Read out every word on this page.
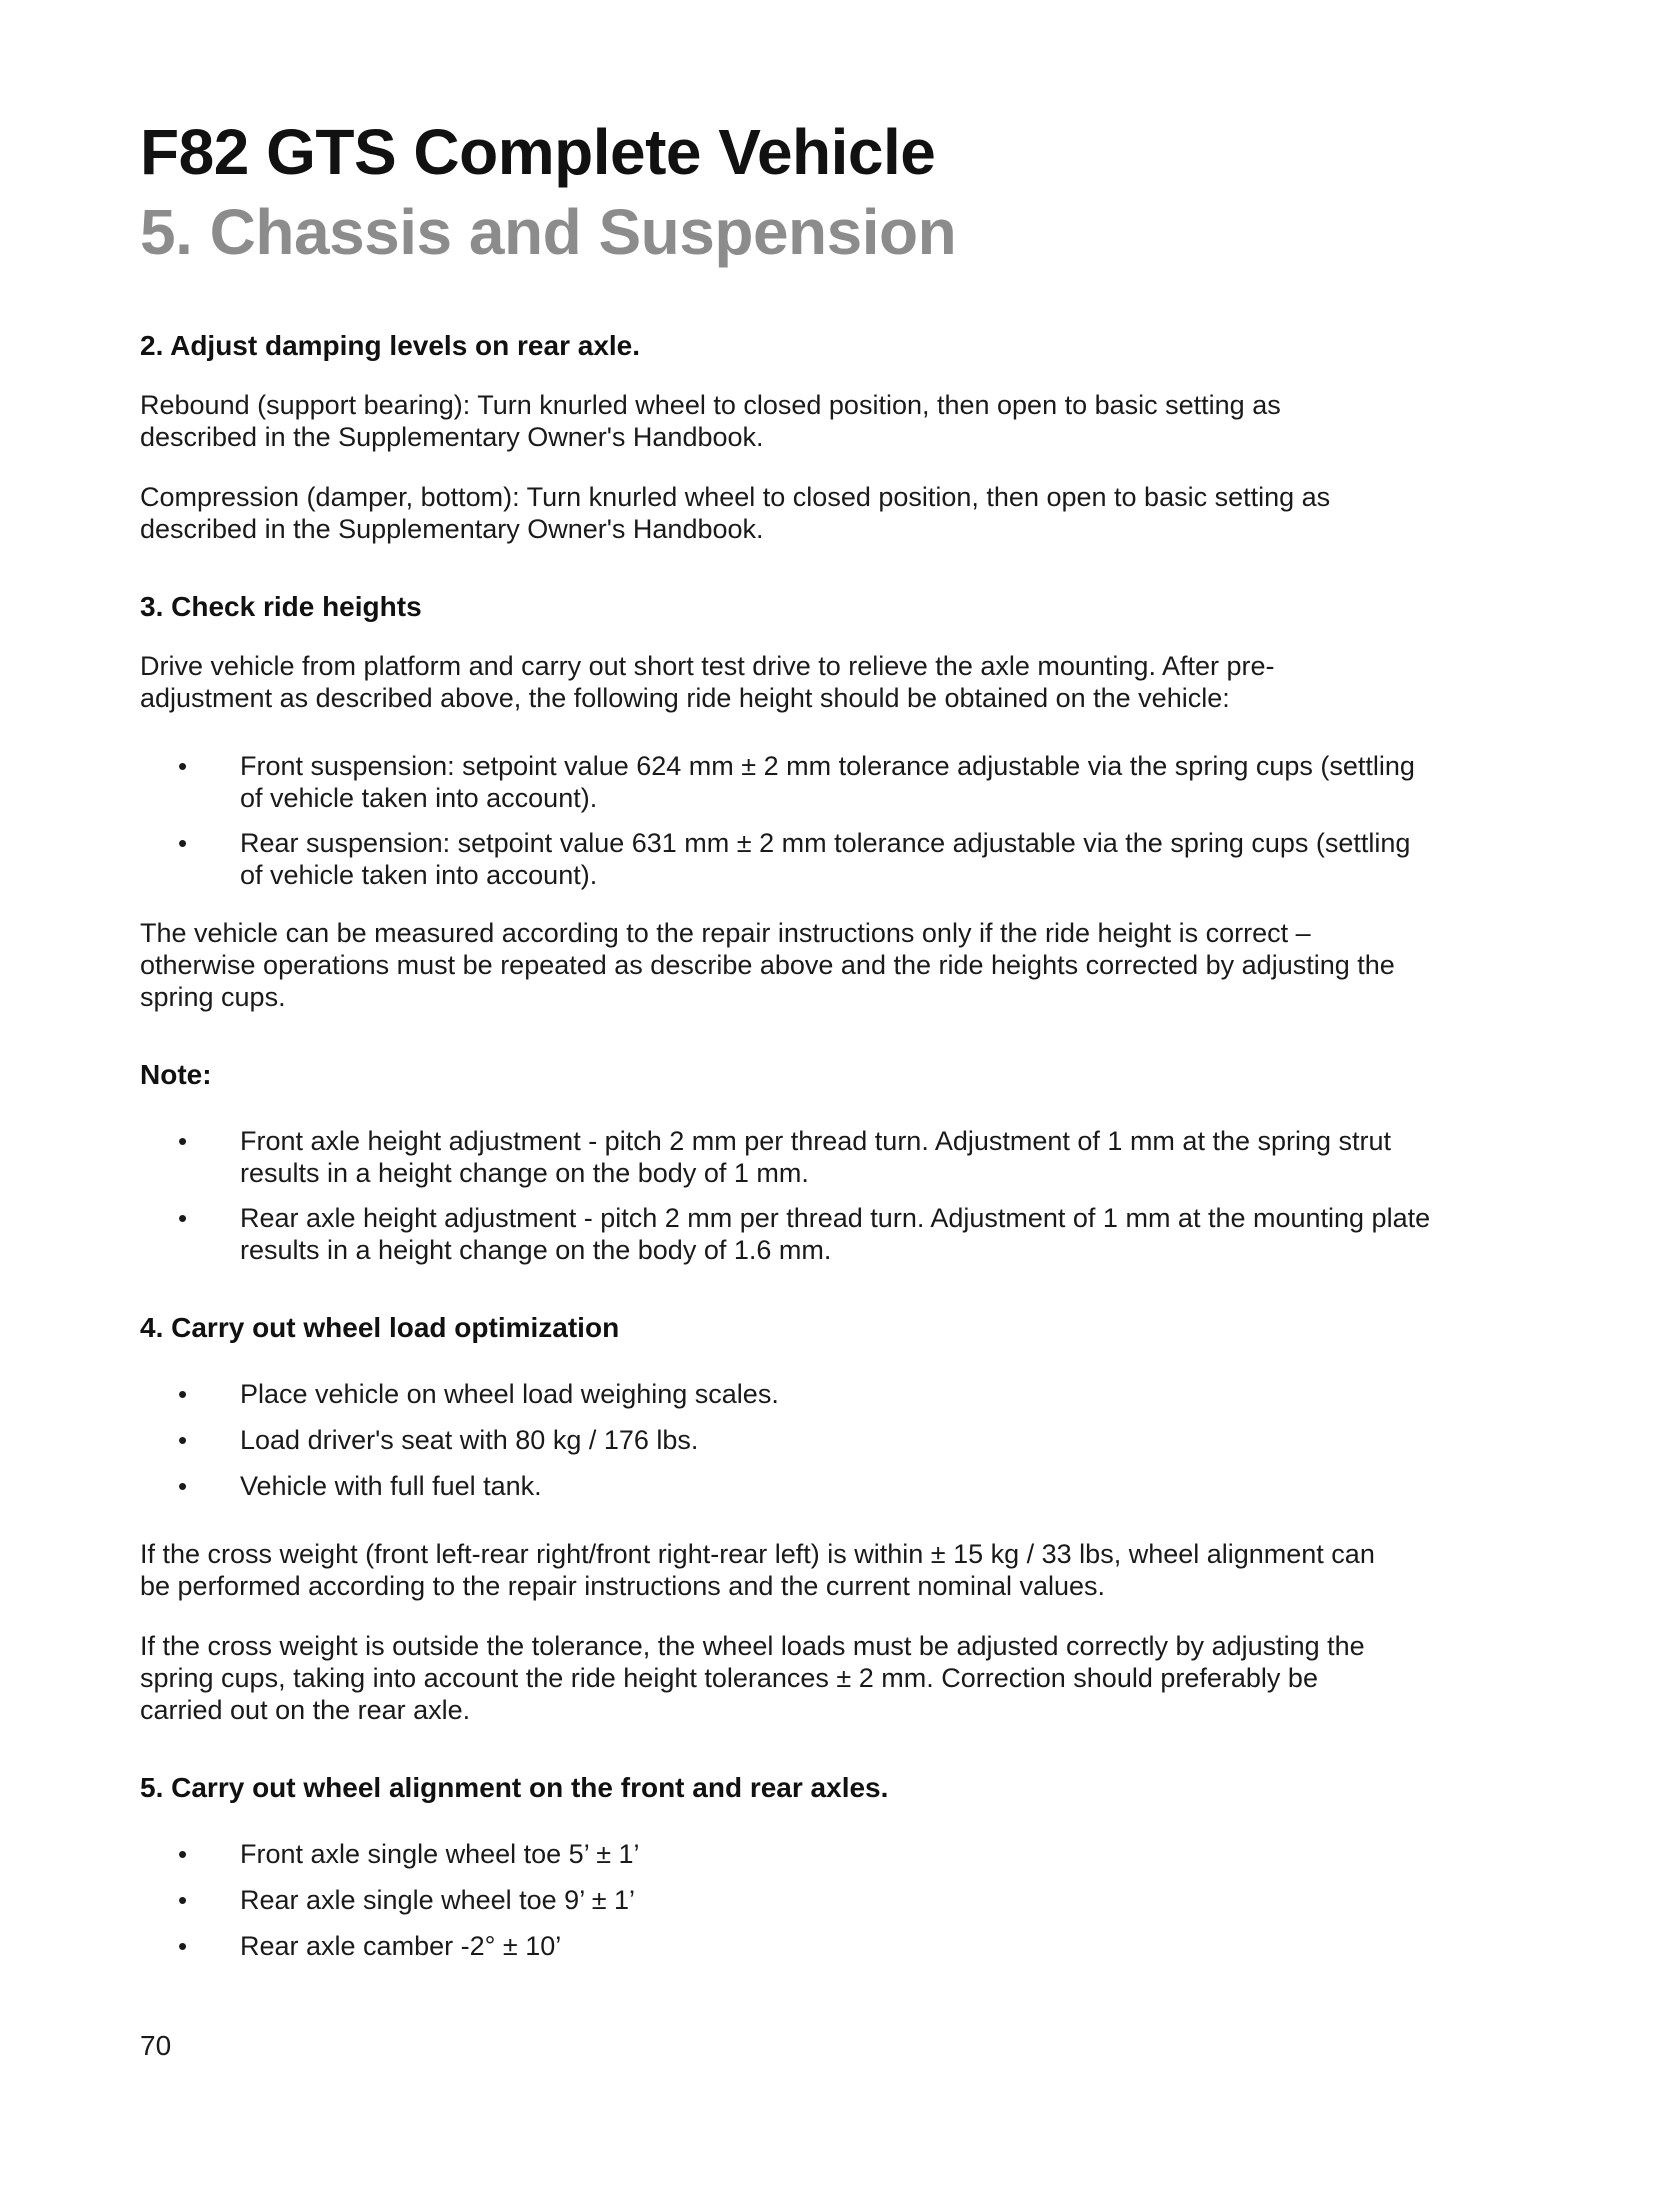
F82 GTS Complete Vehicle
5. Chassis and Suspension
2. Adjust damping levels on rear axle.

Rebound (support bearing): Turn knurled wheel to closed position, then open to basic setting as described in the Supplementary Owner's Handbook.

Compression (damper, bottom): Turn knurled wheel to closed position, then open to basic setting as described in the Supplementary Owner's Handbook.

3. Check ride heights

Drive vehicle from platform and carry out short test drive to relieve the axle mounting. After pre-adjustment as described above, the following ride height should be obtained on the vehicle:

• Front suspension: setpoint value 624 mm ± 2 mm tolerance adjustable via the spring cups (settling of vehicle taken into account).
• Rear suspension: setpoint value 631 mm ± 2 mm tolerance adjustable via the spring cups (settling of vehicle taken into account).

The vehicle can be measured according to the repair instructions only if the ride height is correct – otherwise operations must be repeated as describe above and the ride heights corrected by adjusting the spring cups.

Note:
• Front axle height adjustment - pitch 2 mm per thread turn. Adjustment of 1 mm at the spring strut results in a height change on the body of 1 mm.
• Rear axle height adjustment - pitch 2 mm per thread turn. Adjustment of 1 mm at the mounting plate results in a height change on the body of 1.6 mm.
4. Carry out wheel load optimization
• Place vehicle on wheel load weighing scales.
• Load driver's seat with 80 kg / 176 lbs.
• Vehicle with full fuel tank.

If the cross weight (front left-rear right/front right-rear left) is within ± 15 kg / 33 lbs, wheel alignment can be performed according to the repair instructions and the current nominal values.

If the cross weight is outside the tolerance, the wheel loads must be adjusted correctly by adjusting the spring cups, taking into account the ride height tolerances ± 2 mm. Correction should preferably be carried out on the rear axle.

5. Carry out wheel alignment on the front and rear axles.
• Front axle single wheel toe 5’ ± 1’
• Rear axle single wheel toe 9’ ± 1’
• Rear axle camber -2° ± 10’
70
